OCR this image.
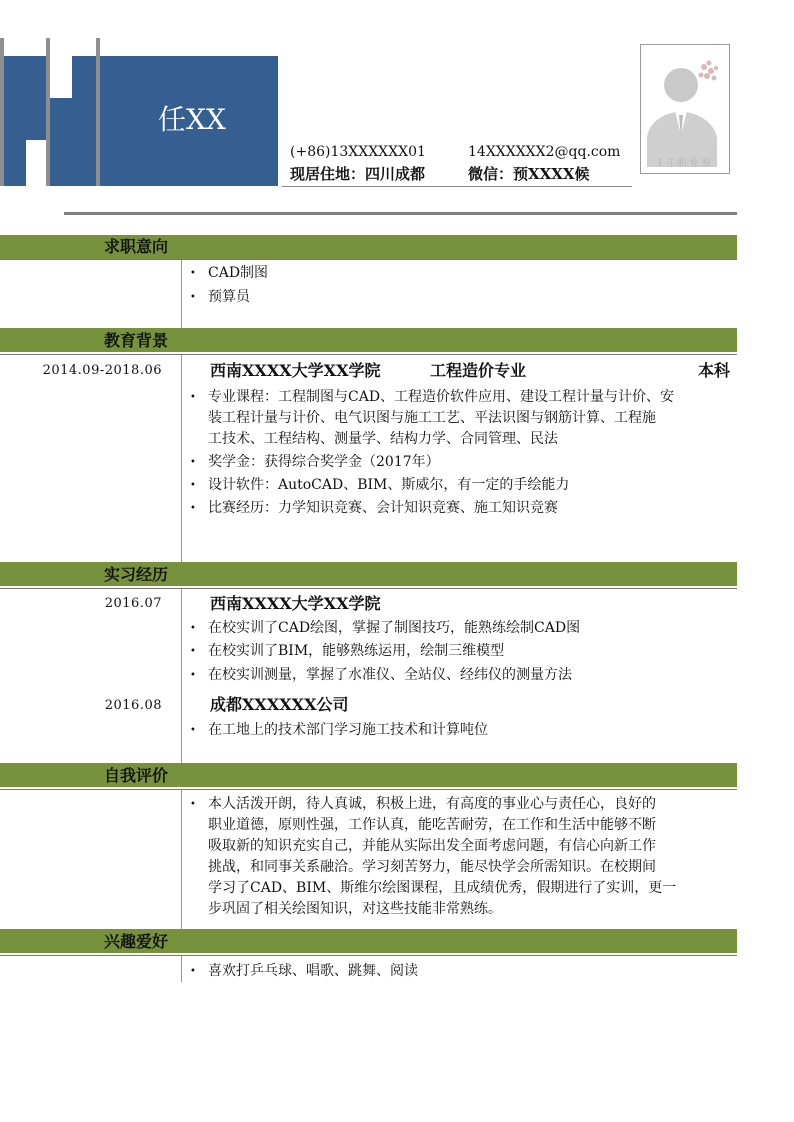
任XX
(+86)13XXXXXX01	14XXXXXX2@qq.com
现居住地：四川成都	微信：预XXXX候
1寸职业照
求职意向
CAD制图
预算员
教育背景
2014.09-2018.06	西南XXXX大学XX学院	工程造价专业	本科
专业课程：工程制图与CAD、工程造价软件应用、建设工程计量与计价、安
装工程计量与计价、电气识图与施工工艺、平法识图与钢筋计算、工程施
工技术、工程结构、测量学、结构力学、合同管理、民法
奖学金：获得综合奖学金（2017年）
设计软件：AutoCAD、BIM、斯威尔，有一定的手绘能力
比赛经历：力学知识竞赛、会计知识竞赛、施工知识竞赛
实习经历
2016.07	西南XXXX大学XX学院
在校实训了CAD绘图，掌握了制图技巧，能熟练绘制CAD图
在校实训了BIM，能够熟练运用，绘制三维模型
在校实训测量，掌握了水准仪、全站仪、经纬仪的测量方法
2016.08	成都XXXXXX公司
在工地上的技术部门学习施工技术和计算吨位
自我评价
本人活泼开朗，待人真诚，积极上进，有高度的事业心与责任心，良好的
职业道德，原则性强，工作认真，能吃苦耐劳，在工作和生活中能够不断
吸取新的知识充实自己，并能从实际出发全面考虑问题，有信心向新工作
挑战，和同事关系融洽。学习刻苦努力，能尽快学会所需知识。在校期间
学习了CAD、BIM、斯维尔绘图课程，且成绩优秀，假期进行了实训，更一
步巩固了相关绘图知识，对这些技能非常熟练。
兴趣爱好
喜欢打乒乓球、唱歌、跳舞、阅读
